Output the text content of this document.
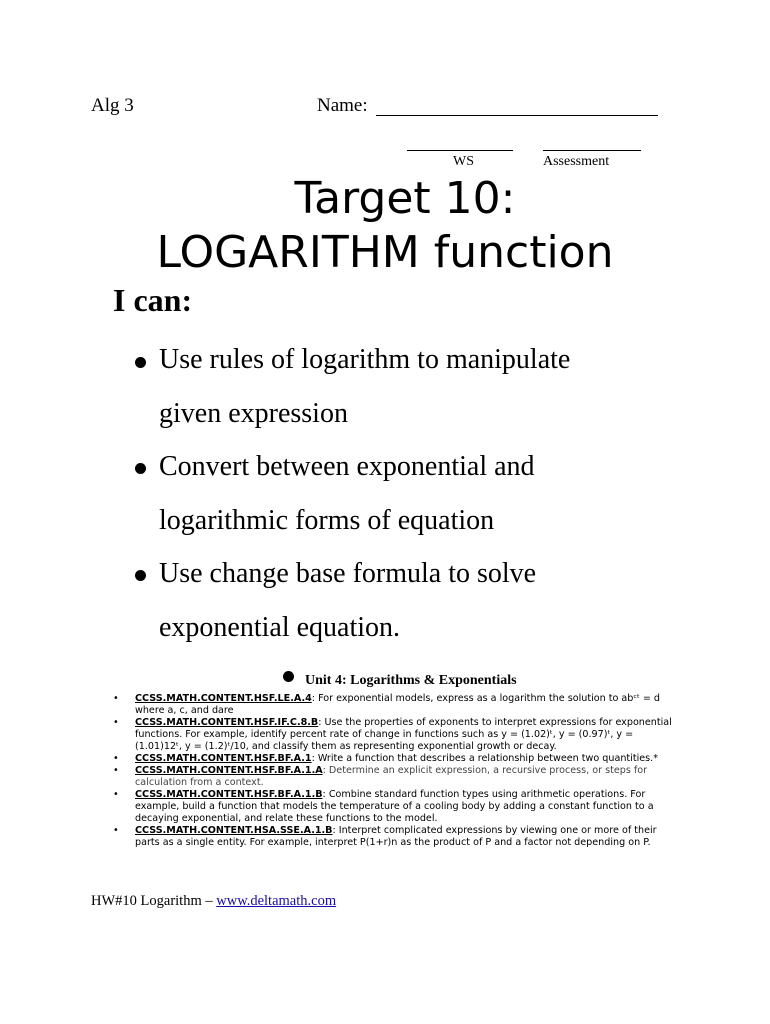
Alg 3	Name:
WS	Assessment
Target 10:
LOGARITHM function
I can:
Use rules of logarithm to manipulate
given expression
Convert between exponential and
logarithmic forms of equation
Use change base formula to solve
exponential equation.
Unit 4: Logarithms & Exponentials

• CCSS.MATH.CONTENT.HSF.LE.A.4: For exponential models, express as a logarithm the solution to abᶜᵗ = d where a, c, and dare

• CCSS.MATH.CONTENT.HSF.IF.C.8.B: Use the properties of exponents to interpret expressions for exponential functions. For example, identify percent rate of change in functions such as y = (1.02)ᵗ, y = (0.97)ᵗ, y = (1.01)12ᵗ, y = (1.2)ᵗ/10, and classify them as representing exponential growth or decay.

• CCSS.MATH.CONTENT.HSF.BF.A.1: Write a function that describes a relationship between two quantities.*

• CCSS.MATH.CONTENT.HSF.BF.A.1.A: Determine an explicit expression, a recursive process, or steps for calculation from a context.

• CCSS.MATH.CONTENT.HSF.BF.A.1.B: Combine standard function types using arithmetic operations. For example, build a function that models the temperature of a cooling body by adding a constant function to a decaying exponential, and relate these functions to the model.

• CCSS.MATH.CONTENT.HSA.SSE.A.1.B: Interpret complicated expressions by viewing one or more of their parts as a single entity. For example, interpret P(1+r)n as the product of P and a factor not depending on P.

HW#10 Logarithm – www.deltamath.com
